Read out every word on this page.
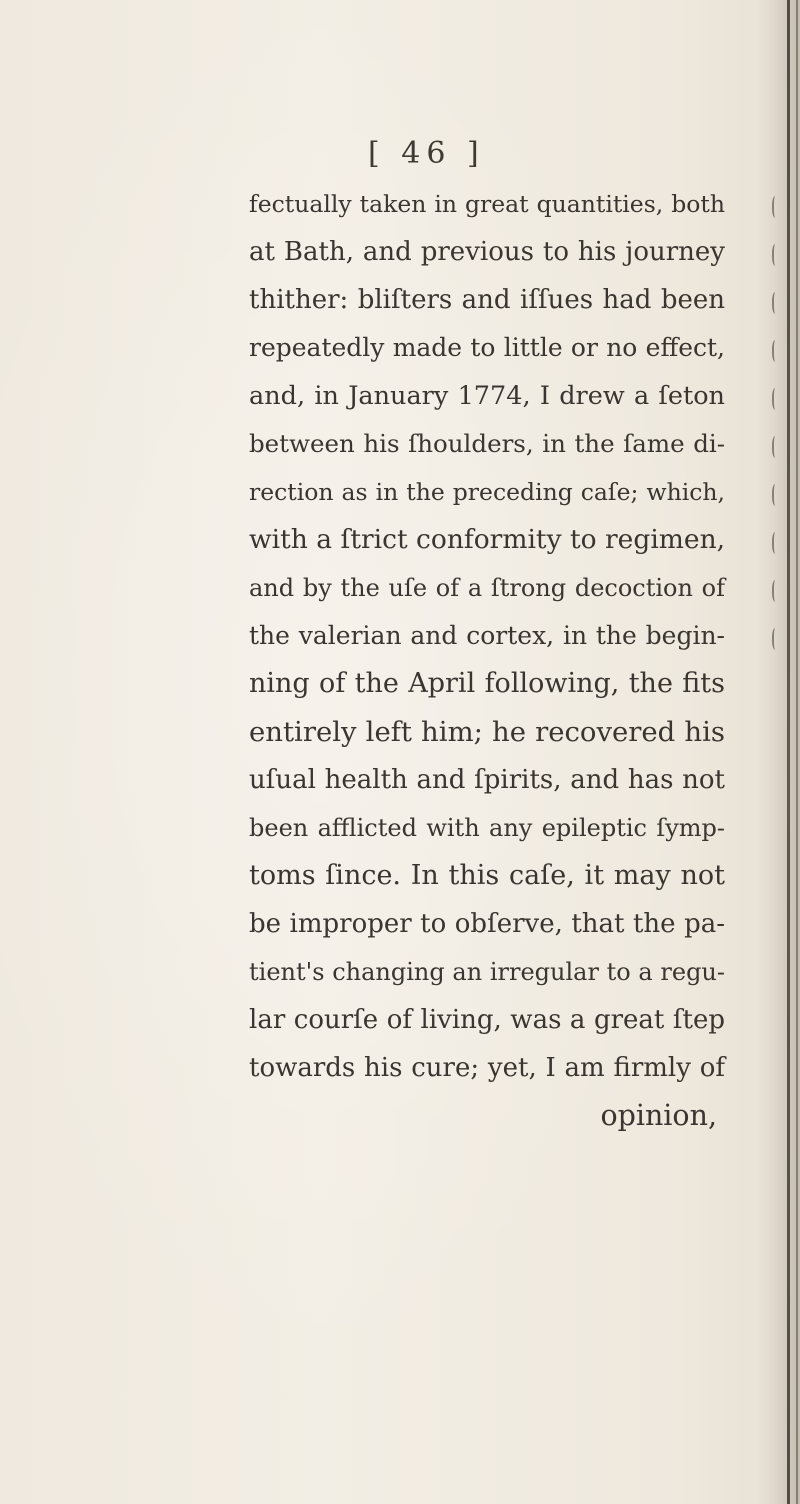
[ 46 ]
fectually taken in great quantities, both
at Bath, and previous to his journey
thither: bliſters and iſſues had been
repeatedly made to little or no effect,
and, in January 1774, I drew a ſeton
between his ſhoulders, in the ſame di-
rection as in the preceding caſe; which,
with a ſtrict conformity to regimen,
and by the uſe of a ſtrong decoction of
the valerian and cortex, in the begin-
ning of the April following, the fits
entirely left him; he recovered his
uſual health and ſpirits, and has not
been afflicted with any epileptic ſymp-
toms ſince. In this caſe, it may not
be improper to obſerve, that the pa-
tient's changing an irregular to a regu-
lar courſe of living, was a great ſtep
towards his cure; yet, I am firmly of
opinion,
